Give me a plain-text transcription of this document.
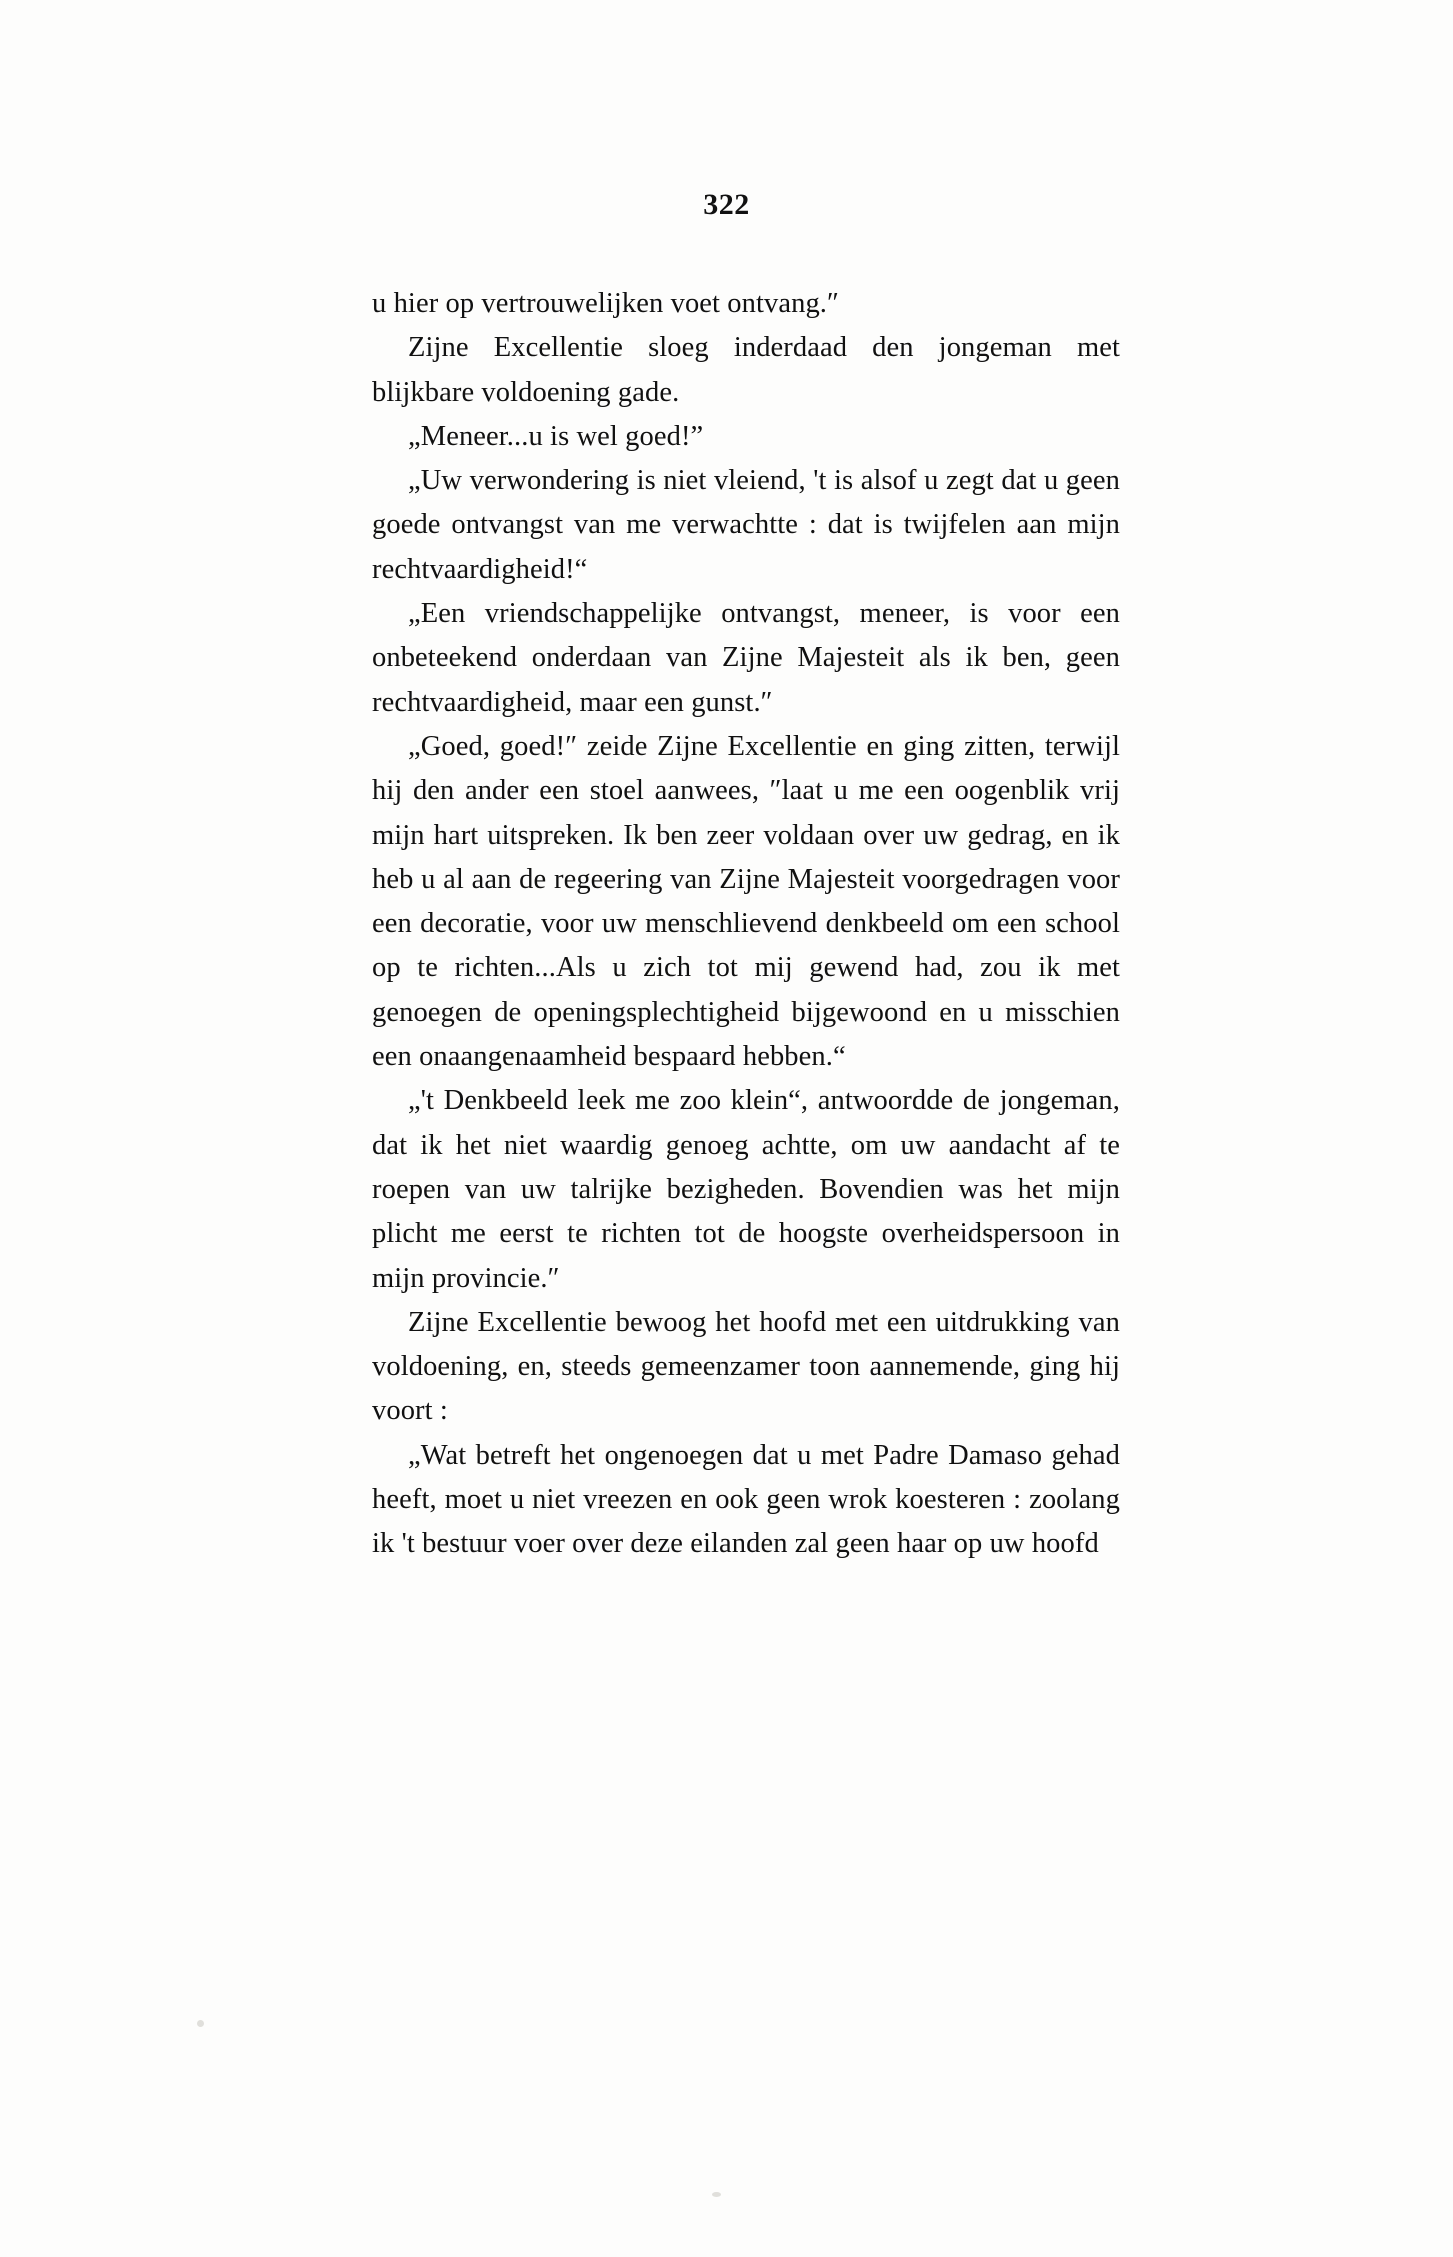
322

u hier op vertrouwelijken voet ontvang.″

Zijne Excellentie sloeg inderdaad den jongeman met blijkbare voldoening gade.

„Meneer...u is wel goed!”

„Uw verwondering is niet vleiend, 't is alsof u zegt dat u geen goede ontvangst van me verwachtte : dat is twijfelen aan mijn rechtvaardigheid!“

„Een vriendschappelijke ontvangst, meneer, is voor een onbeteekend onderdaan van Zijne Majesteit als ik ben, geen rechtvaardigheid, maar een gunst.″

„Goed, goed!″ zeide Zijne Excellentie en ging zitten, terwijl hij den ander een stoel aanwees, ″laat u me een oogenblik vrij mijn hart uitspreken. Ik ben zeer voldaan over uw gedrag, en ik heb u al aan de regeering van Zijne Majesteit voorgedragen voor een decoratie, voor uw menschlievend denkbeeld om een school op te richten...Als u zich tot mij gewend had, zou ik met genoegen de openingsplechtigheid bijgewoond en u misschien een onaangenaamheid bespaard hebben.“

„'t Denkbeeld leek me zoo klein“, antwoordde de jongeman, dat ik het niet waardig genoeg achtte, om uw aandacht af te roepen van uw talrijke bezigheden. Bovendien was het mijn plicht me eerst te richten tot de hoogste overheidspersoon in mijn provincie.″

Zijne Excellentie bewoog het hoofd met een uitdrukking van voldoening, en, steeds gemeenzamer toon aannemende, ging hij voort :

„Wat betreft het ongenoegen dat u met Padre Damaso gehad heeft, moet u niet vreezen en ook geen wrok koesteren : zoolang ik 't bestuur voer over deze eilanden zal geen haar op uw hoofd
